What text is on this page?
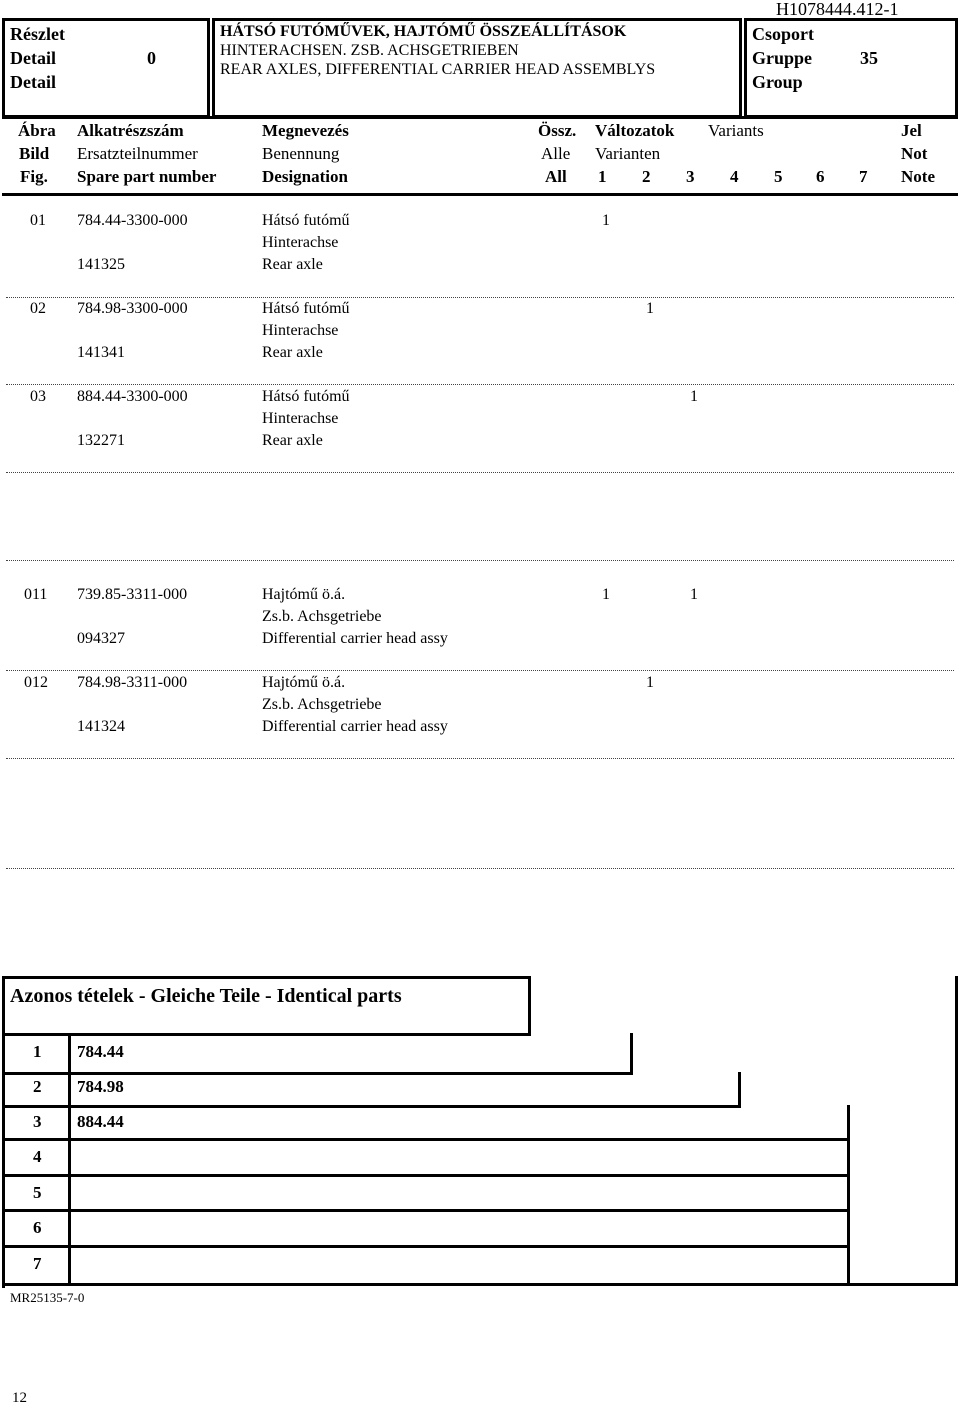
H1078444.412-1
Részlet
Detail
Detail
0
HÁTSÓ FUTÓMŰVEK, HAJTÓMŰ ÖSSZEÁLLÍTÁSOK
HINTERACHSEN. ZSB. ACHSGETRIEBEN
REAR AXLES, DIFFERENTIAL CARRIER HEAD ASSEMBLYS
Csoport
Gruppe
Group
35
Ábra
Bild
Fig.
Alkatrészszám
Ersatzteilnummer
Spare part number
Megnevezés
Benennung
Designation
Össz.
Alle
All
Változatok Variants
Varianten
1 2 3 4 5 6 7
Jel
Not
Note
01 784.44-3300-000
141325
Hátsó futómű
Hinterachse
Rear axle
1
02 784.98-3300-000
141341
Hátsó futómű
Hinterachse
Rear axle
1
03 884.44-3300-000
132271
Hátsó futómű
Hinterachse
Rear axle
1
011 739.85-3311-000
094327
Hajtómű ö.á.
Zs.b. Achsgetriebe
Differential carrier head assy
1	1
012 784.98-3311-000
141324
Hajtómű ö.á.
Zs.b. Achsgetriebe
Differential carrier head assy
1
Azonos tételek - Gleiche Teile - Identical parts
1 784.44
2 784.98
3 884.44
4
5
6
7
MR25135-7-0
12
